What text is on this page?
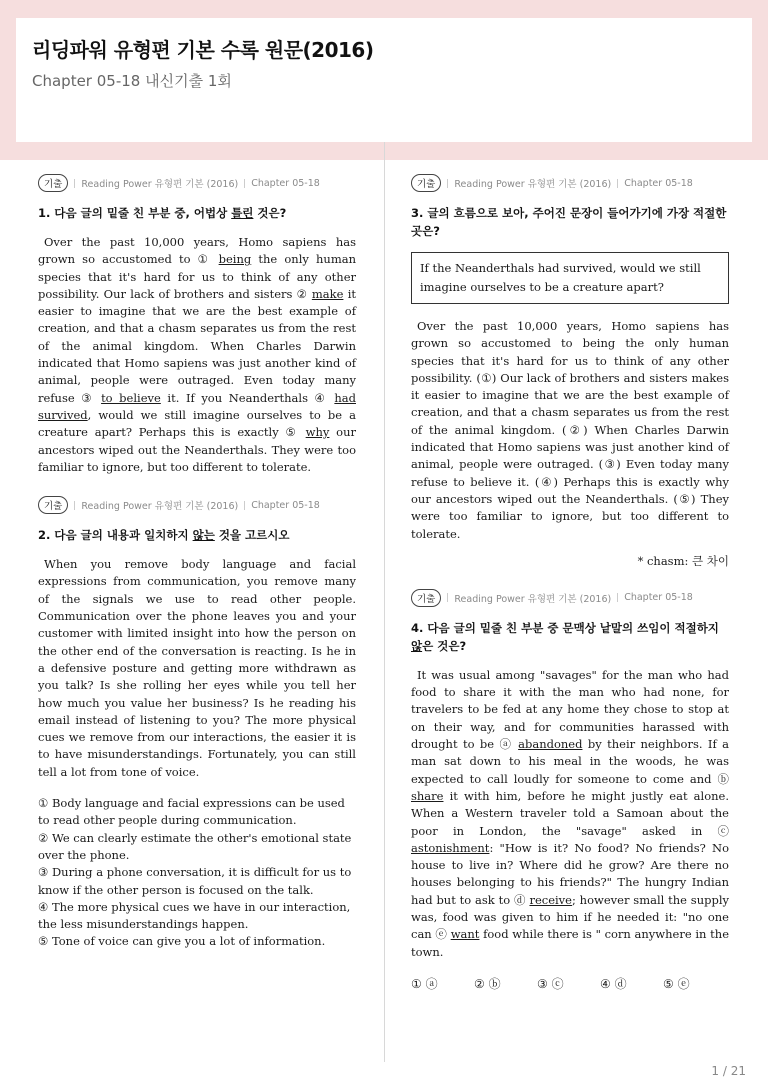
리딩파워 유형편 기본 수록 원문(2016)
Chapter 05-18 내신기출 1회
기출	Reading Power 유형편 기본 (2016) Chapter 05-18
1. 다음 글의 밑줄 친 부분 중, 어법상 틀린 것은?

Over the past 10,000 years, Homo sapiens has grown so accustomed to ① being the only human species that it's hard for us to think of any other possibility. Our lack of brothers and sisters ② make it easier to imagine that we are the best example of creation, and that a chasm separates us from the rest of the animal kingdom. When Charles Darwin indicated that Homo sapiens was just another kind of animal, people were outraged. Even today many refuse ③ to believe it. If you Neanderthals ④ had survived, would we still imagine ourselves to be a creature apart? Perhaps this is exactly ⑤ why our ancestors wiped out the Neanderthals. They were too familiar to ignore, but too different to tolerate.

기출	Reading Power 유형편 기본 (2016) Chapter 05-18
2. 다음 글의 내용과 일치하지 않는 것을 고르시오

When you remove body language and facial expressions from communication, you remove many of the signals we use to read other people. Communication over the phone leaves you and your customer with limited insight into how the person on the other end of the conversation is reacting. Is he in a defensive posture and getting more withdrawn as you talk? Is she rolling her eyes while you tell her how much you value her business? Is he reading his email instead of listening to you? The more physical cues we remove from our interactions, the easier it is to have misunderstandings. Fortunately, you can still tell a lot from tone of voice.

① Body language and facial expressions can be used to read other people during communication.
② We can clearly estimate the other's emotional state over the phone.
③ During a phone conversation, it is difficult for us to know if the other person is focused on the talk.
④ The more physical cues we have in our interaction, the less misunderstandings happen.
⑤ Tone of voice can give you a lot of information.
기출	Reading Power 유형편 기본 (2016) Chapter 05-18
3. 글의 흐름으로 보아, 주어진 문장이 들어가기에 가장 적절한 곳은?
If the Neanderthals had survived, would we still imagine ourselves to be a creature apart?

Over the past 10,000 years, Homo sapiens has grown so accustomed to being the only human species that it's hard for us to think of any other possibility. (①) Our lack of brothers and sisters makes it easier to imagine that we are the best example of creation, and that a chasm separates us from the rest of the animal kingdom. (②) When Charles Darwin indicated that Homo sapiens was just another kind of animal, people were outraged. (③) Even today many refuse to believe it. (④) Perhaps this is exactly why our ancestors wiped out the Neanderthals. (⑤) They were too familiar to ignore, but too different to tolerate.

* chasm: 큰 차이
기출	Reading Power 유형편 기본 (2016) Chapter 05-18
4. 다음 글의 밑줄 친 부분 중 문맥상 낱말의 쓰임이 적절하지 않은 것은?

It was usual among "savages" for the man who had food to share it with the man who had none, for travelers to be fed at any home they chose to stop at on their way, and for communities harassed with drought to be ⓐ abandoned by their neighbors. If a man sat down to his meal in the woods, he was expected to call loudly for someone to come and ⓑ share it with him, before he might justly eat alone. When a Western traveler told a Samoan about the poor in London, the "savage" asked in ⓒ astonishment: "How is it? No food? No friends? No house to live in? Where did he grow? Are there no houses belonging to his friends?" The hungry Indian had but to ask to ⓓ receive; however small the supply was, food was given to him if he needed it: "no one can ⓔ want food while there is " corn anywhere in the town.

① ⓐ	② ⓑ	③ ⓒ	④ ⓓ	⑤ ⓔ
1 / 21
